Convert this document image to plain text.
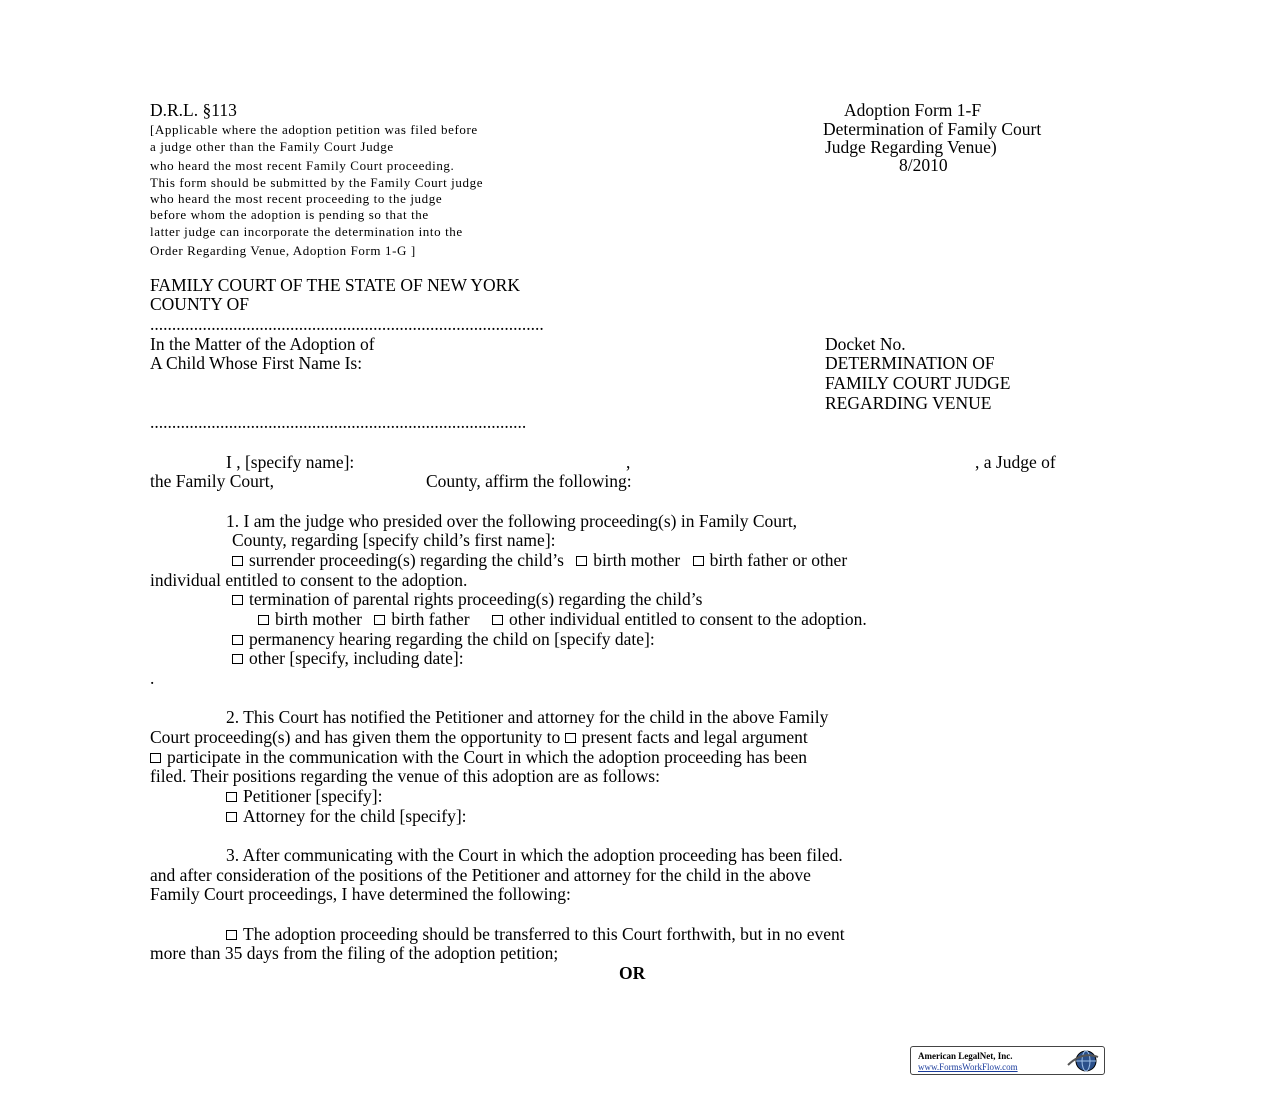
D.R.L. §113
[Applicable where the adoption petition was filed before
a judge other than the Family Court Judge
who heard the most recent Family Court proceeding.
This form should be submitted by the Family Court judge
who heard the most recent proceeding to the judge
before whom the adoption is pending so that the
latter judge can incorporate the determination into the
Order Regarding Venue, Adoption Form 1-G ]
Adoption Form 1-F
Determination of Family Court
Judge Regarding Venue)
8/2010
FAMILY COURT OF THE STATE OF NEW YORK
COUNTY OF
..........................................................................................
In the Matter of the Adoption of
A Child Whose First Name Is:
......................................................................................
Docket No.
DETERMINATION OF
FAMILY COURT JUDGE
REGARDING VENUE
I , [specify name]:	,	, a Judge of
the Family Court,	County, affirm the following:
1. I am the judge who presided over the following proceeding(s) in Family Court,
County, regarding [specify child’s first name]:
surrender proceeding(s) regarding the child’s birth mother birth father or other
individual entitled to consent to the adoption.
termination of parental rights proceeding(s) regarding the child’s
birth mother birth father other individual entitled to consent to the adoption.
permanency hearing regarding the child on [specify date]:
other [specify, including date]:
.
2. This Court has notified the Petitioner and attorney for the child in the above Family
Court proceeding(s) and has given them the opportunity to present facts and legal argument
participate in the communication with the Court in which the adoption proceeding has been
filed. Their positions regarding the venue of this adoption are as follows:
Petitioner [specify]:
Attorney for the child [specify]:
3. After communicating with the Court in which the adoption proceeding has been filed.
and after consideration of the positions of the Petitioner and attorney for the child in the above
Family Court proceedings, I have determined the following:
The adoption proceeding should be transferred to this Court forthwith, but in no event
more than 35 days from the filing of the adoption petition;
OR
American LegalNet, Inc.
www.FormsWorkFlow.com
